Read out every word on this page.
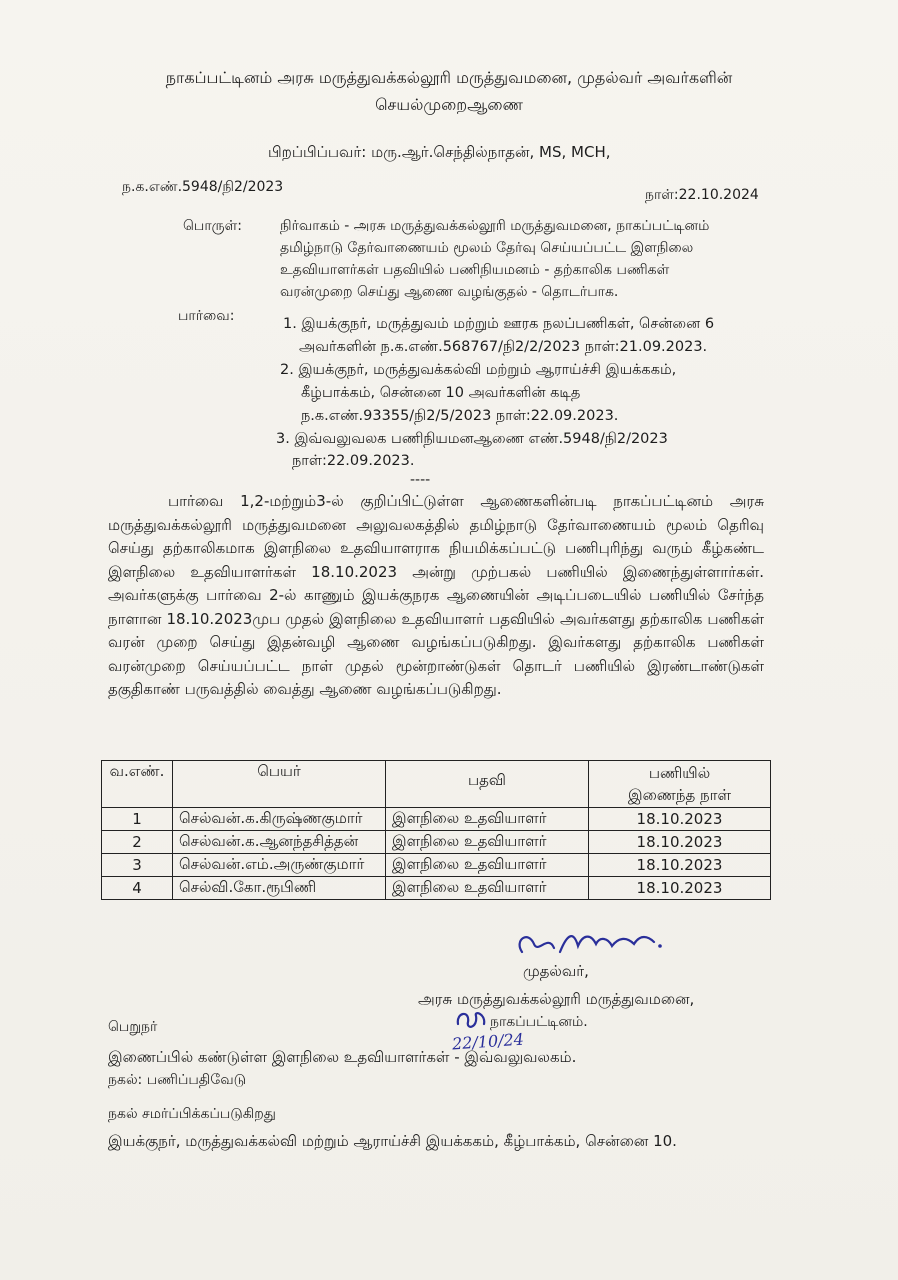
நாகப்பட்டினம் அரசு மருத்துவக்கல்லூரி மருத்துவமனை, முதல்வர் அவர்களின்
செயல்முறைஆணை
பிறப்பிப்பவர்: மரு.ஆர்.செந்தில்நாதன், MS, MCH,
ந.க.எண்.5948/நி2/2023	நாள்:22.10.2024
பொருள்:	நிர்வாகம் - அரசு மருத்துவக்கல்லூரி மருத்துவமனை, நாகப்பட்டினம்
தமிழ்நாடு தேர்வாணையம் மூலம் தேர்வு செய்யப்பட்ட இளநிலை
உதவியாளர்கள் பதவியில் பணிநியமனம் - தற்காலிக பணிகள்
வரன்முறை செய்து ஆணை வழங்குதல் - தொடர்பாக.
பார்வை:	1. இயக்குநர், மருத்துவம் மற்றும் ஊரக நலப்பணிகள், சென்னை 6
அவர்களின் ந.க.எண்.568767/நி2/2/2023 நாள்:21.09.2023.
2. இயக்குநர், மருத்துவக்கல்வி மற்றும் ஆராய்ச்சி இயக்ககம்,
கீழ்பாக்கம், சென்னை 10 அவர்களின் கடித
ந.க.எண்.93355/நி2/5/2023 நாள்:22.09.2023.
3. இவ்வலுவலக பணிநியமனஆணை எண்.5948/நி2/2023
நாள்:22.09.2023.
----

பார்வை 1,2-மற்றும்3-ல் குறிப்பிட்டுள்ள ஆணைகளின்படி நாகப்பட்டினம் அரசு மருத்துவக்கல்லூரி மருத்துவமனை அலுவலகத்தில் தமிழ்நாடு தேர்வாணையம் மூலம் தெரிவு செய்து தற்காலிகமாக இளநிலை உதவியாளராக நியமிக்கப்பட்டு பணிபுரிந்து வரும் கீழ்கண்ட இளநிலை உதவியாளர்கள் 18.10.2023 அன்று முற்பகல் பணியில் இணைந்துள்ளார்கள். அவர்களுக்கு பார்வை 2-ல் காணும் இயக்குநரக ஆணையின் அடிப்படையில் பணியில் சேர்ந்த நாளான 18.10.2023முப முதல் இளநிலை உதவியாளர் பதவியில் அவர்களது தற்காலிக பணிகள் வரன் முறை செய்து இதன்வழி ஆணை வழங்கப்படுகிறது. இவர்களது தற்காலிக பணிகள் வரன்முறை செய்யப்பட்ட நாள் முதல் மூன்றாண்டுகள் தொடர் பணியில் இரண்டாண்டுகள் தகுதிகாண் பருவத்தில் வைத்து ஆணை வழங்கப்படுகிறது.

வ.எண்.	பெயர்	பதவி	பணியில்
இணைந்த நாள்
1	செல்வன்.க.கிருஷ்ணகுமார்	இளநிலை உதவியாளர்	18.10.2023
2	செல்வன்.க.ஆனந்தசித்தன்	இளநிலை உதவியாளர்	18.10.2023
3	செல்வன்.எம்.அருண்குமார்	இளநிலை உதவியாளர்	18.10.2023
4	செல்வி.கோ.ரூபிணி	இளநிலை உதவியாளர்	18.10.2023
முதல்வர்,
அரசு மருத்துவக்கல்லூரி மருத்துவமனை,
நாகப்பட்டினம்.
22/10/24
பெறுநர்
இணைப்பில் கண்டுள்ள இளநிலை உதவியாளர்கள் - இவ்வலுவலகம்.
நகல்: பணிப்பதிவேடு
நகல் சமர்ப்பிக்கப்படுகிறது
இயக்குநர், மருத்துவக்கல்வி மற்றும் ஆராய்ச்சி இயக்ககம், கீழ்பாக்கம், சென்னை 10.
